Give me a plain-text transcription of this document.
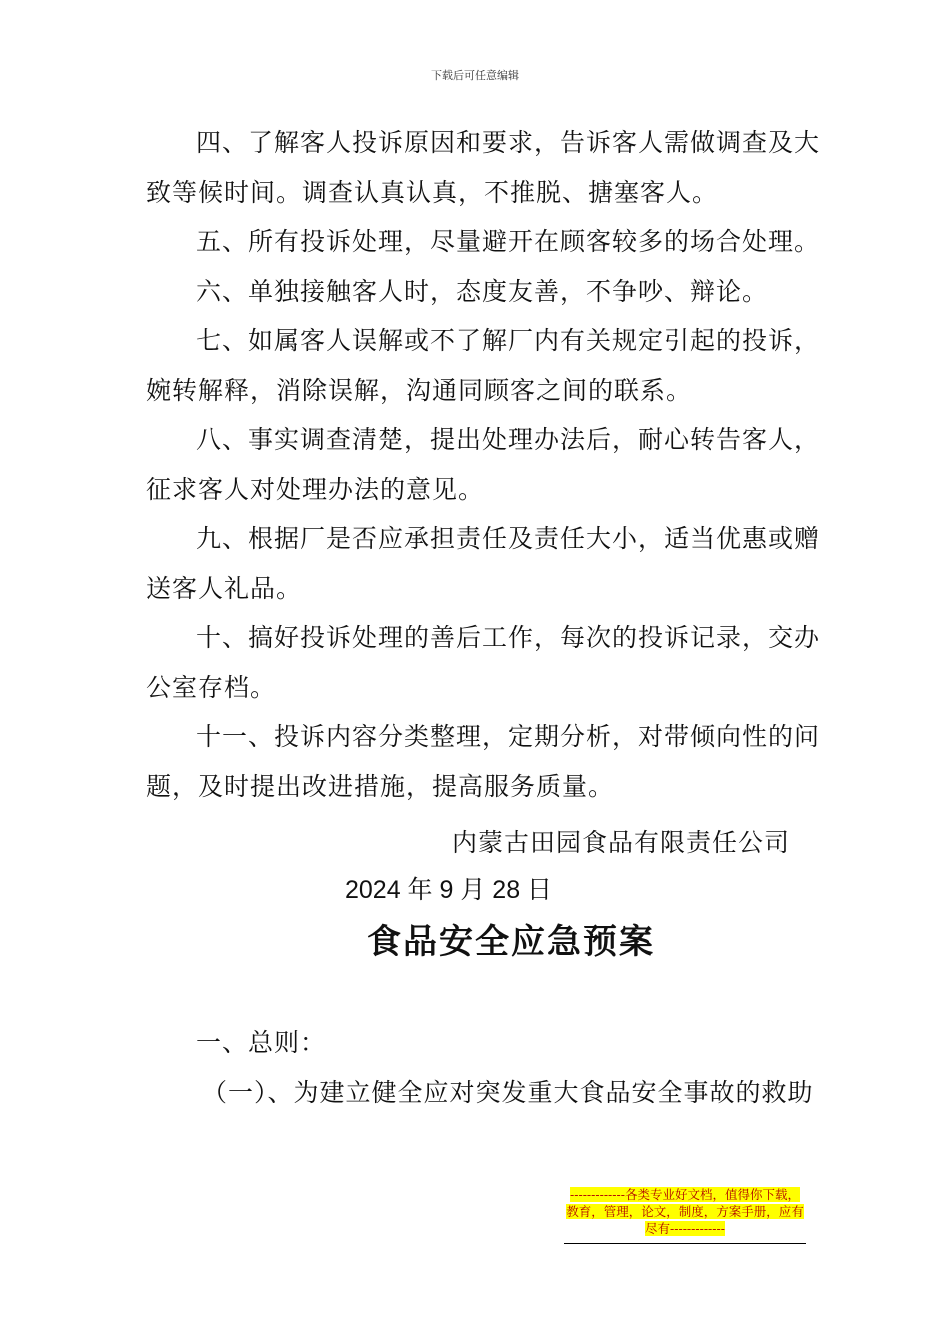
下载后可任意编辑

四、了解客人投诉原因和要求，告诉客人需做调查及大致等候时间。调查认真认真，不推脱、搪塞客人。

五、所有投诉处理，尽量避开在顾客较多的场合处理。

六、单独接触客人时，态度友善，不争吵、辩论。

七、如属客人误解或不了解厂内有关规定引起的投诉，婉转解释，消除误解，沟通同顾客之间的联系。

八、事实调查清楚，提出处理办法后，耐心转告客人，征求客人对处理办法的意见。

九、根据厂是否应承担责任及责任大小，适当优惠或赠送客人礼品。

十、搞好投诉处理的善后工作，每次的投诉记录，交办公室存档。

十一、投诉内容分类整理，定期分析，对带倾向性的问题，及时提出改进措施，提高服务质量。

内蒙古田园食品有限责任公司
2024 年 9 月 28 日
食品安全应急预案

一、总则：

（一）、为建立健全应对突发重大食品安全事故的救助

-------------各类专业好文档，值得你下载，教育，管理，论文，制度，方案手册，应有尽有-------------
